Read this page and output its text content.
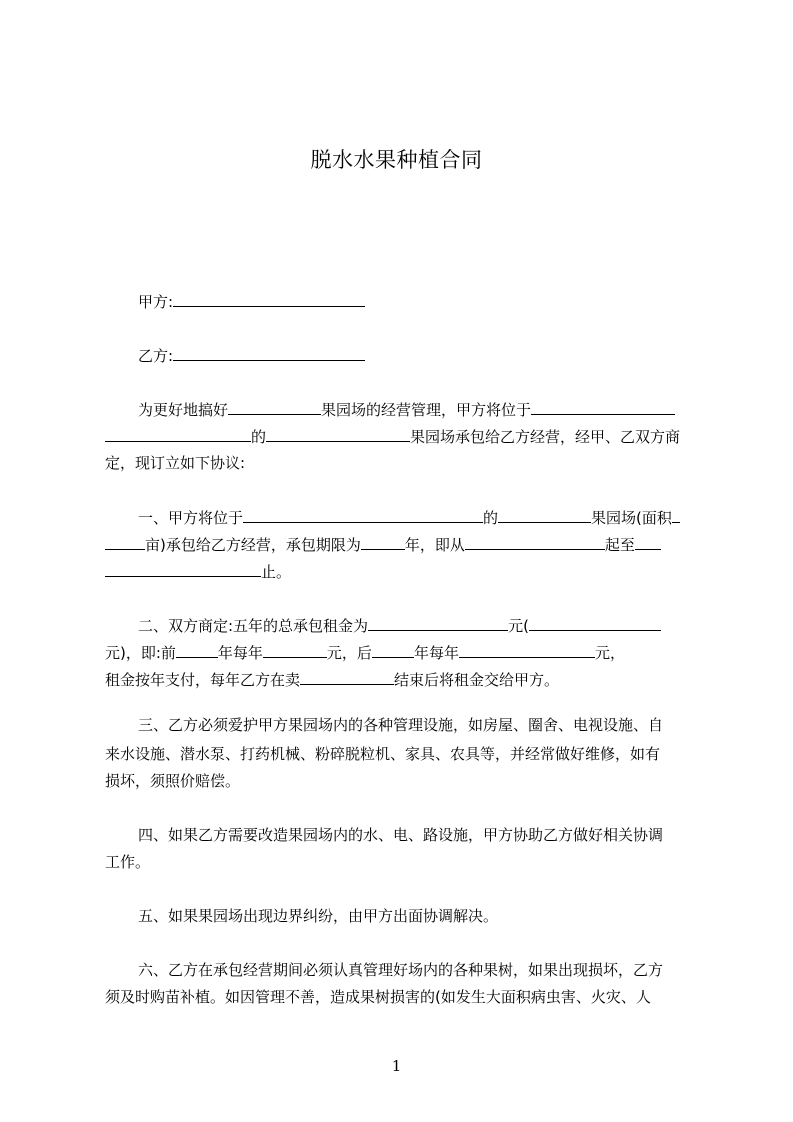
脱水水果种植合同
甲方:
乙方:
为更好地搞好	果园场的经营管理，甲方将位于
的	果园场承包给乙方经营，经甲、乙双方商
定，现订立如下协议:
一、甲方将位于	的	果园场(面积
亩)承包给乙方经营，承包期限为	年，即从	起至
止。
二、双方商定:五年的总承包租金为	元(
元)，即:前	年每年	元，后	年每年	元，
租金按年支付，每年乙方在卖	结束后将租金交给甲方。
三、乙方必须爱护甲方果园场内的各种管理设施，如房屋、圈舍、电视设施、自
来水设施、潜水泵、打药机械、粉碎脱粒机、家具、农具等，并经常做好维修，如有
损坏，须照价赔偿。
四、如果乙方需要改造果园场内的水、电、路设施，甲方协助乙方做好相关协调
工作。
五、如果果园场出现边界纠纷，由甲方出面协调解决。
六、乙方在承包经营期间必须认真管理好场内的各种果树，如果出现损坏，乙方
须及时购苗补植。如因管理不善，造成果树损害的(如发生大面积病虫害、火灾、人
1
